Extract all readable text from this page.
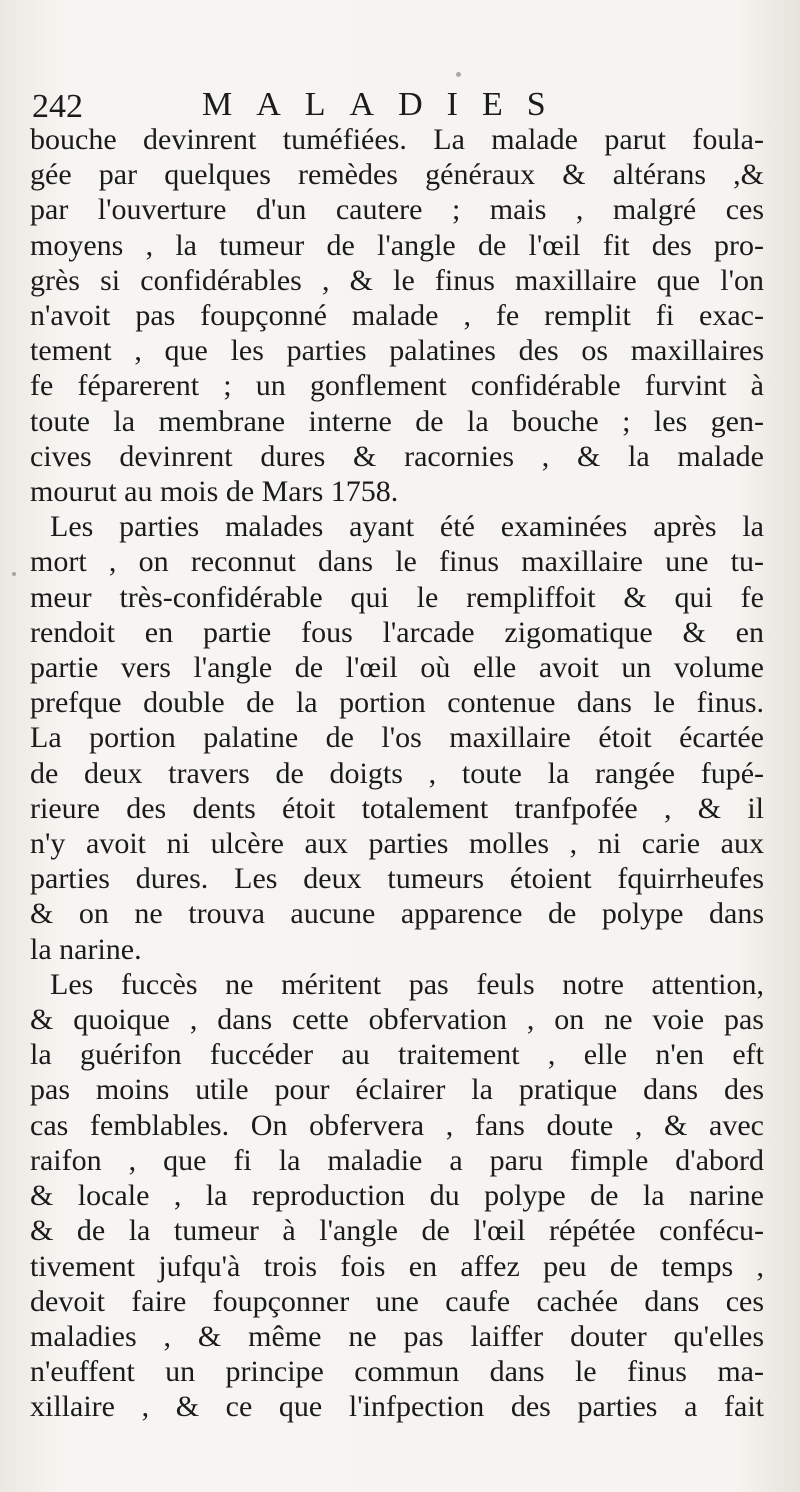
242	MALADIES
bouche devinrent tuméfiées. La malade parut foula-
gée par quelques remèdes généraux & altérans ,&
par l'ouverture d'un cautere ; mais , malgré ces
moyens , la tumeur de l'angle de l'œil fit des pro-
grès si confidérables , & le finus maxillaire que l'on
n'avoit pas foupçonné malade , fe remplit fi exac-
tement , que les parties palatines des os maxillaires
fe féparerent ; un gonflement confidérable furvint à
toute la membrane interne de la bouche ; les gen-
cives devinrent dures & racornies , & la malade
mourut au mois de Mars 1758.
Les parties malades ayant été examinées après la
mort , on reconnut dans le finus maxillaire une tu-
meur très-confidérable qui le rempliffoit & qui fe
rendoit en partie fous l'arcade zigomatique & en
partie vers l'angle de l'œil où elle avoit un volume
prefque double de la portion contenue dans le finus.
La portion palatine de l'os maxillaire étoit écartée
de deux travers de doigts , toute la rangée fupé-
rieure des dents étoit totalement tranfpofée , & il
n'y avoit ni ulcère aux parties molles , ni carie aux
parties dures. Les deux tumeurs étoient fquirrheufes
& on ne trouva aucune apparence de polype dans
la narine.
Les fuccès ne méritent pas feuls notre attention,
& quoique , dans cette obfervation , on ne voie pas
la guérifon fuccéder au traitement , elle n'en eft
pas moins utile pour éclairer la pratique dans des
cas femblables. On obfervera , fans doute , & avec
raifon , que fi la maladie a paru fimple d'abord
& locale , la reproduction du polype de la narine
& de la tumeur à l'angle de l'œil répétée confécu-
tivement jufqu'à trois fois en affez peu de temps ,
devoit faire foupçonner une caufe cachée dans ces
maladies , & même ne pas laiffer douter qu'elles
n'euffent un principe commun dans le finus ma-
xillaire , & ce que l'infpection des parties a fait
